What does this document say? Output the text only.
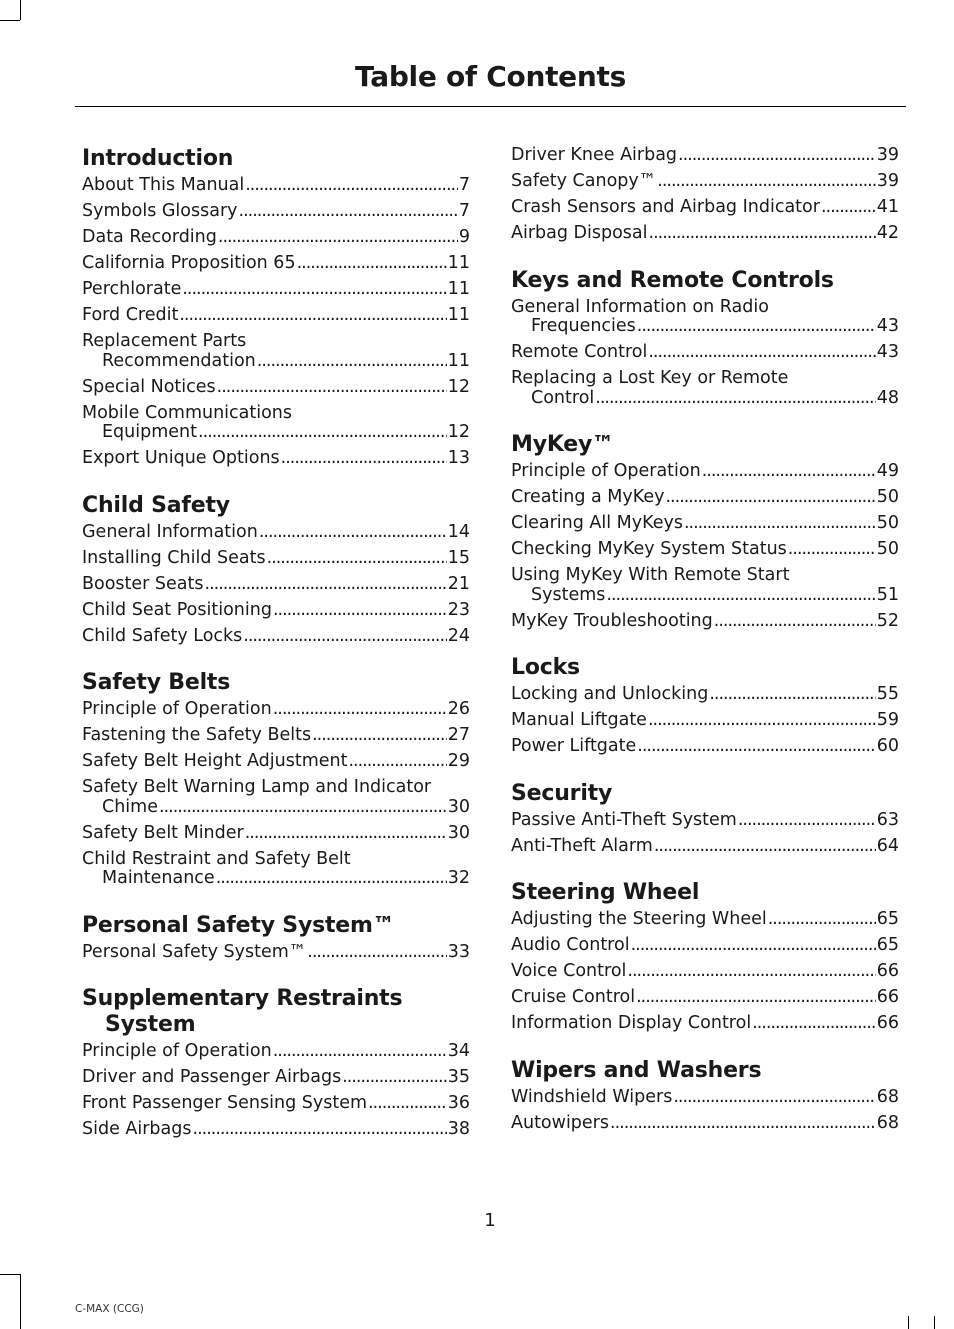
Table of Contents
Introduction
About This Manual .....	7
Symbols Glossary .....	7
Data Recording .....	9
California Proposition 65 .....	11
Perchlorate .....	11
Ford Credit .....	11
Replacement Parts
Recommendation .....	11
Special Notices .....	12
Mobile Communications
Equipment .....	12
Export Unique Options .....	13
Child Safety
General Information .....	14
Installing Child Seats .....	15
Booster Seats .....	21
Child Seat Positioning .....	23
Child Safety Locks .....	24
Safety Belts
Principle of Operation .....	26
Fastening the Safety Belts .....	27
Safety Belt Height Adjustment .....	29
Safety Belt Warning Lamp and Indicator
Chime .....	30
Safety Belt Minder .....	30
Child Restraint and Safety Belt
Maintenance .....	32
Personal Safety System™
Personal Safety System™ .....	33
Supplementary Restraints
System
Principle of Operation .....	34
Driver and Passenger Airbags .....	35
Front Passenger Sensing System .....	36
Side Airbags .....	38
Driver Knee Airbag .....	39
Safety Canopy™ .....	39
Crash Sensors and Airbag Indicator .....	41
Airbag Disposal .....	42
Keys and Remote Controls
General Information on Radio
Frequencies .....	43
Remote Control .....	43
Replacing a Lost Key or Remote
Control .....	48
MyKey™
Principle of Operation .....	49
Creating a MyKey .....	50
Clearing All MyKeys .....	50
Checking MyKey System Status .....	50
Using MyKey With Remote Start
Systems .....	51
MyKey Troubleshooting .....	52
Locks
Locking and Unlocking .....	55
Manual Liftgate .....	59
Power Liftgate .....	60
Security
Passive Anti-Theft System .....	63
Anti-Theft Alarm .....	64
Steering Wheel
Adjusting the Steering Wheel .....	65
Audio Control .....	65
Voice Control .....	66
Cruise Control .....	66
Information Display Control .....	66
Wipers and Washers
Windshield Wipers .....	68
Autowipers .....	68
1
C-MAX (CCG)
